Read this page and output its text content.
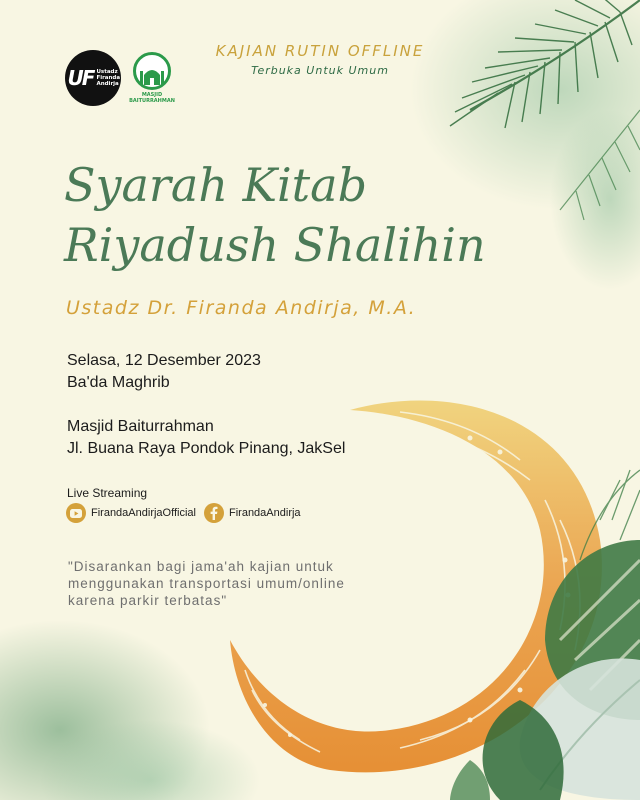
UF Ustadz Firanda Andirja
MASJID BAITURRAHMAN
KAJIAN RUTIN OFFLINE
Terbuka Untuk Umum
Syarah Kitab
Riyadush Shalihin
Ustadz Dr. Firanda Andirja, M.A.
Selasa, 12 Desember 2023
Ba'da Maghrib
Masjid Baiturrahman
Jl. Buana Raya Pondok Pinang, JakSel
Live Streaming
FirandaAndirjaOfficial	FirandaAndirja
"Disarankan bagi jama'ah kajian untuk
menggunakan transportasi umum/online
karena parkir terbatas"
